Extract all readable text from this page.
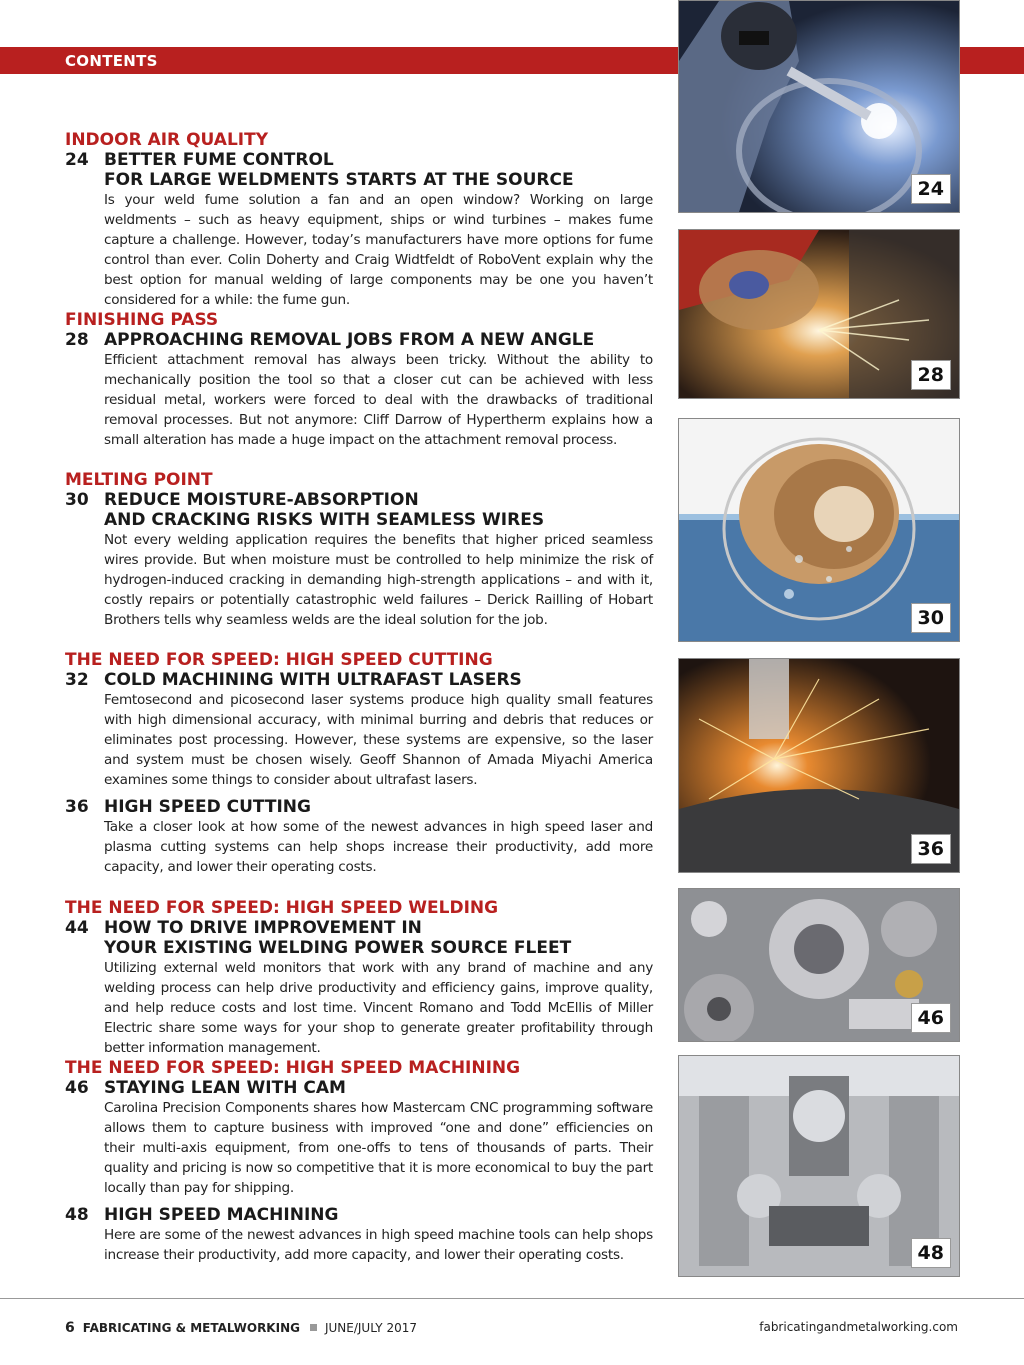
CONTENTS
INDOOR AIR QUALITY
24 BETTER FUME CONTROL
FOR LARGE WELDMENTS STARTS AT THE SOURCE
Is your weld fume solution a fan and an open window? Working on large weldments – such as heavy equipment, ships or wind turbines – makes fume capture a challenge. However, today’s manufacturers have more options for fume control than ever. Colin Doherty and Craig Widtfeldt of RoboVent explain why the best option for manual welding of large components may be one you haven’t considered for a while: the fume gun.
FINISHING PASS
28 APPROACHING REMOVAL JOBS FROM A NEW ANGLE
Efficient attachment removal has always been tricky. Without the ability to mechanically position the tool so that a closer cut can be achieved with less residual metal, workers were forced to deal with the drawbacks of traditional removal processes. But not anymore: Cliff Darrow of Hypertherm explains how a small alteration has made a huge impact on the attachment removal process.
MELTING POINT
30 REDUCE MOISTURE-ABSORPTION
AND CRACKING RISKS WITH SEAMLESS WIRES
Not every welding application requires the benefits that higher priced seamless wires provide. But when moisture must be controlled to help minimize the risk of hydrogen-induced cracking in demanding high-strength applications – and with it, costly repairs or potentially catastrophic weld failures – Derick Railling of Hobart Brothers tells why seamless welds are the ideal solution for the job.
THE NEED FOR SPEED: HIGH SPEED CUTTING
32 COLD MACHINING WITH ULTRAFAST LASERS
Femtosecond and picosecond laser systems produce high quality small features with high dimensional accuracy, with minimal burring and debris that reduces or eliminates post processing. However, these systems are expensive, so the laser and system must be chosen wisely. Geoff Shannon of Amada Miyachi America examines some things to consider about ultrafast lasers.
36 HIGH SPEED CUTTING
Take a closer look at how some of the newest advances in high speed laser and plasma cutting systems can help shops increase their productivity, add more capacity, and lower their operating costs.
THE NEED FOR SPEED: HIGH SPEED WELDING
44 HOW TO DRIVE IMPROVEMENT IN
YOUR EXISTING WELDING POWER SOURCE FLEET
Utilizing external weld monitors that work with any brand of machine and any welding process can help drive productivity and efficiency gains, improve quality, and help reduce costs and lost time. Vincent Romano and Todd McEllis of Miller Electric share some ways for your shop to generate greater profitability through better information management.
THE NEED FOR SPEED: HIGH SPEED MACHINING
46 STAYING LEAN WITH CAM
Carolina Precision Components shares how Mastercam CNC programming software allows them to capture business with improved “one and done” efficiencies on their multi-axis equipment, from one-offs to tens of thousands of parts. Their quality and pricing is now so competitive that it is more economical to buy the part locally than pay for shipping.
48 HIGH SPEED MACHINING
Here are some of the newest advances in high speed machine tools can help shops increase their productivity, add more capacity, and lower their operating costs.
24
28
30
36
46
48
6 FABRICATING & METALWORKING JUNE/JULY 2017	fabricatingandmetalworking.com
